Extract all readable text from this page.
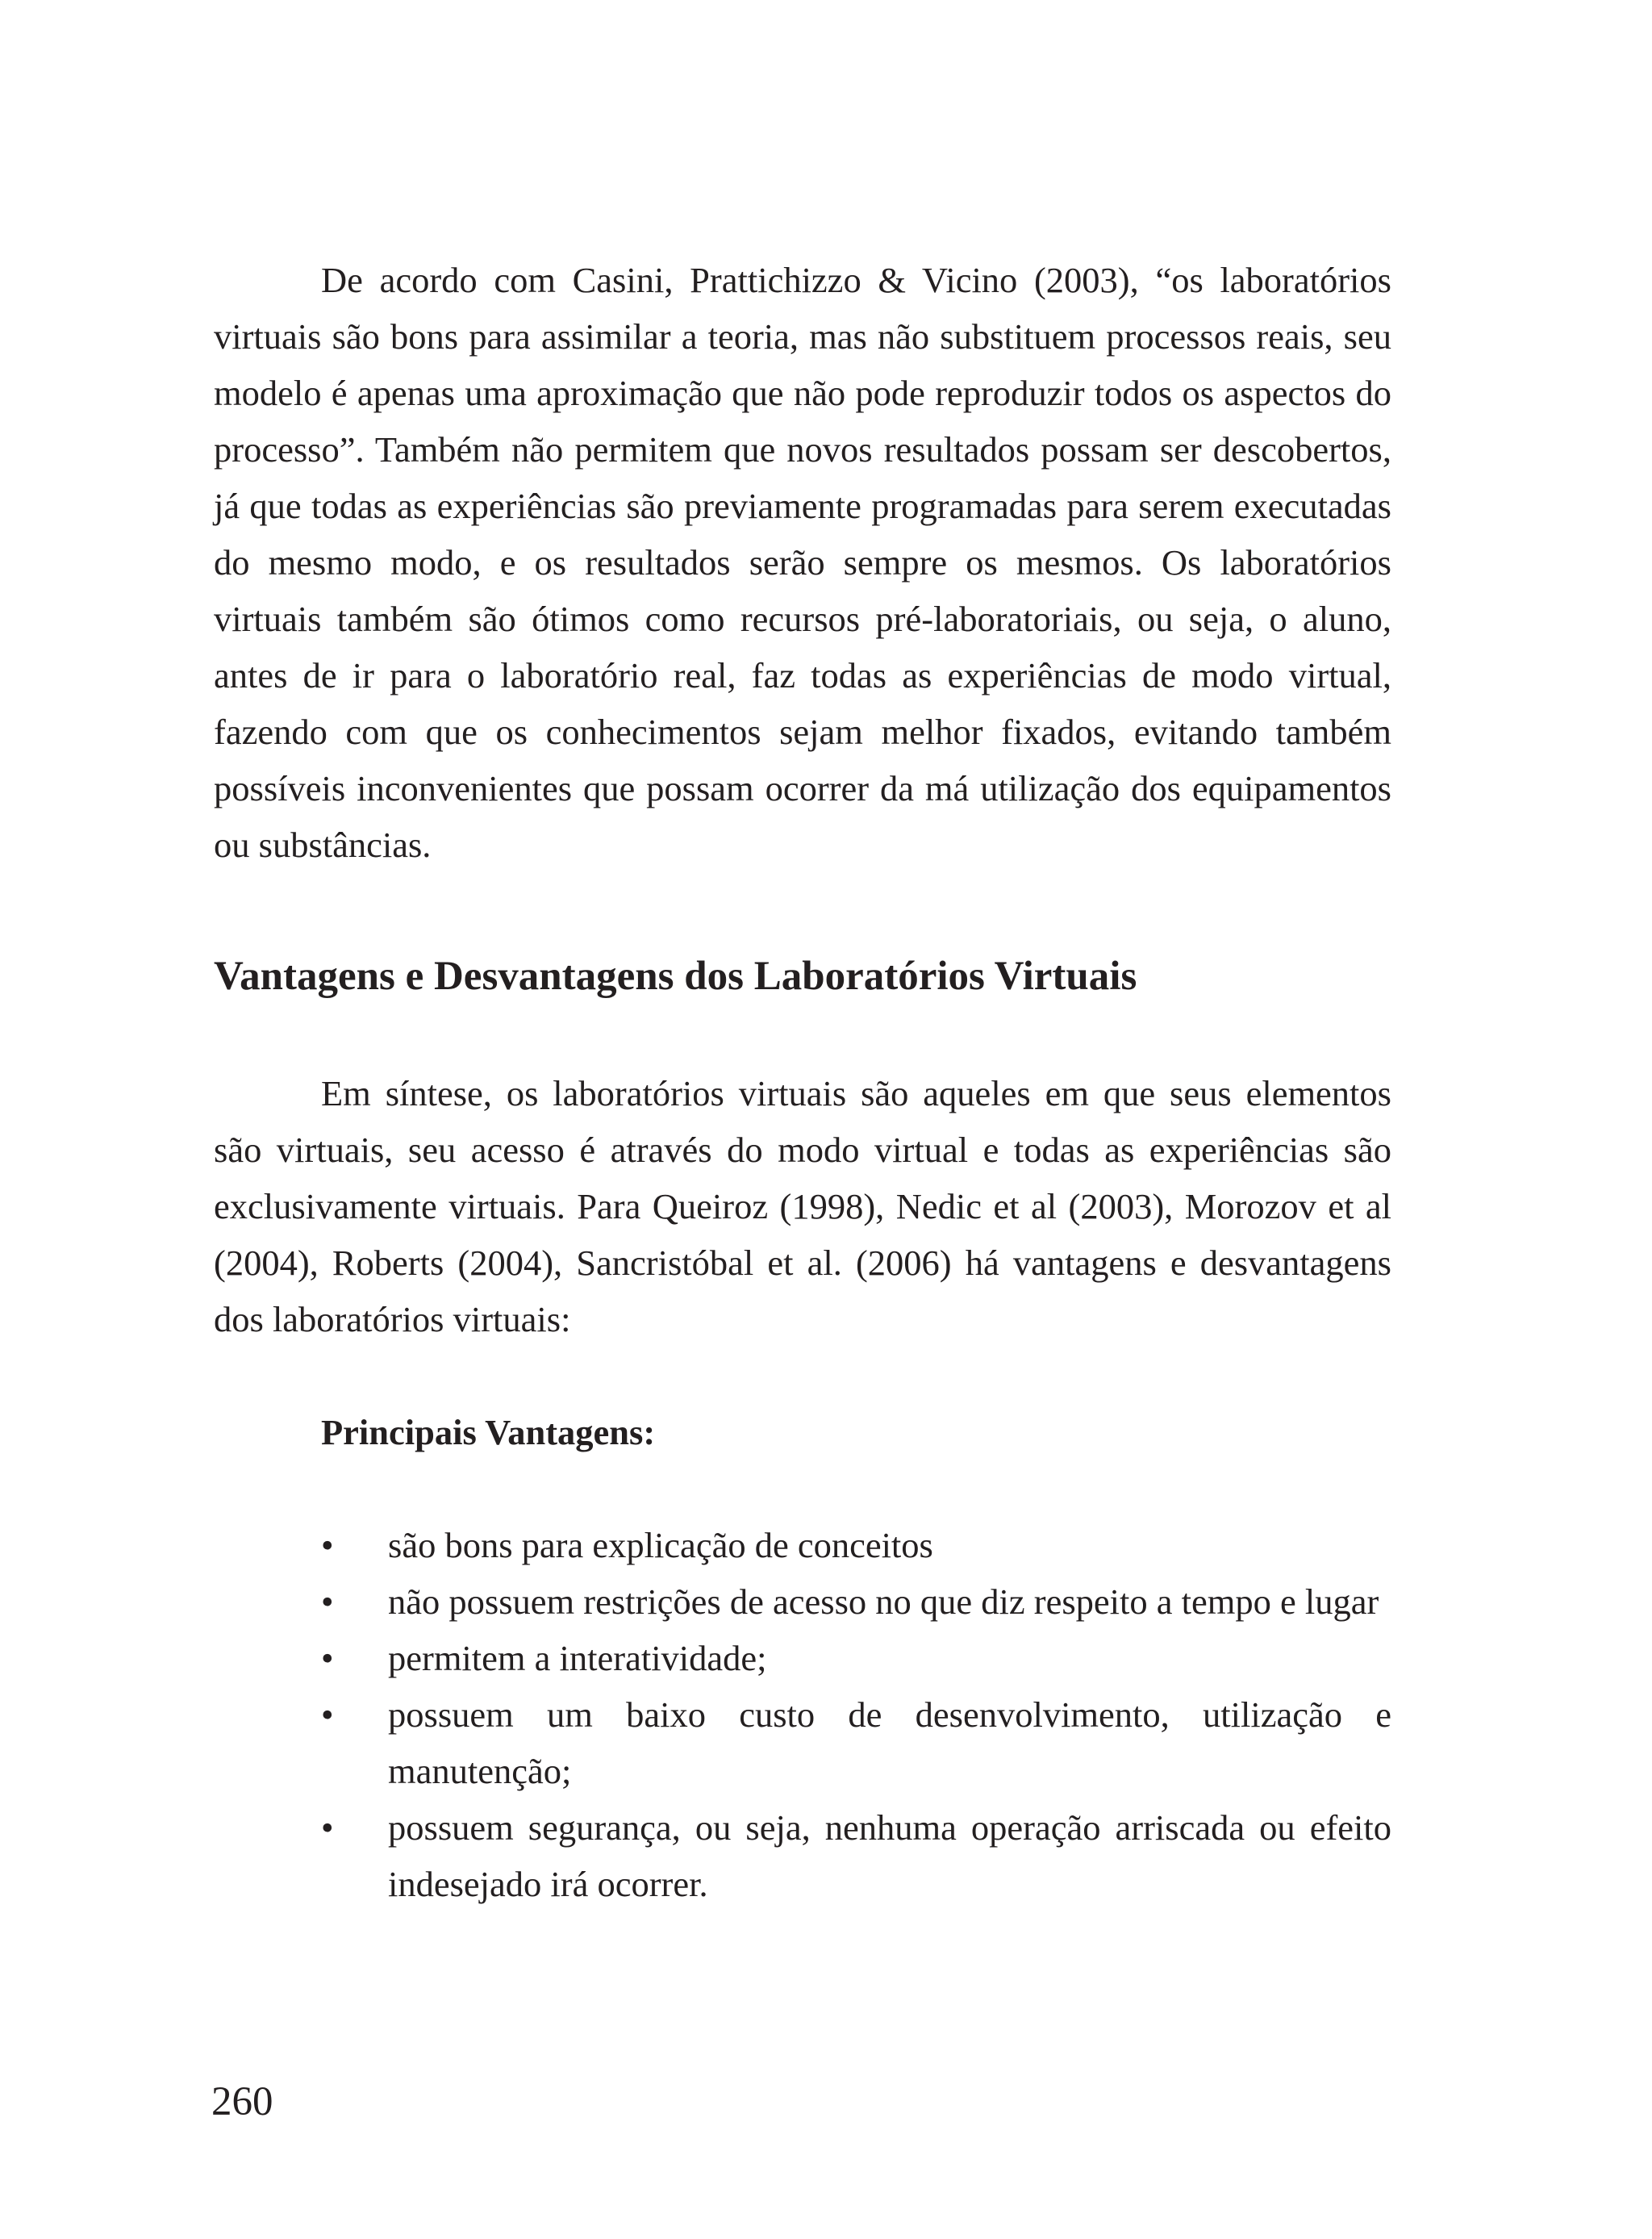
De acordo com Casini, Prattichizzo & Vicino (2003), “os laboratórios virtuais são bons para assimilar a teoria, mas não substituem processos reais, seu modelo é apenas uma aproximação que não pode reproduzir todos os aspectos do processo”. Também não permitem que novos resultados possam ser descobertos, já que todas as experiências são previamente programadas para serem executadas do mesmo modo, e os resultados serão sempre os mesmos. Os laboratórios virtuais também são ótimos como recursos pré-laboratoriais, ou seja, o aluno, antes de ir para o laboratório real, faz todas as experiências de modo virtual, fazendo com que os conhecimentos sejam melhor fixados, evitando também possíveis inconvenientes que possam ocorrer da má utilização dos equipamentos ou substâncias.

Vantagens e Desvantagens dos Laboratórios Virtuais

Em síntese, os laboratórios virtuais são aqueles em que seus elementos são virtuais, seu acesso é através do modo virtual e todas as experiências são exclusivamente virtuais. Para Queiroz (1998), Nedic et al (2003), Morozov et al (2004), Roberts (2004), Sancristóbal et al. (2006) há vantagens e desvantagens dos laboratórios virtuais:

Principais Vantagens:
•	são bons para explicação de conceitos
•	não possuem restrições de acesso no que diz respeito a tempo e lugar
•	permitem a interatividade;
•	possuem um baixo custo de desenvolvimento, utilização e manutenção;
•	possuem segurança, ou seja, nenhuma operação arriscada ou efeito indesejado irá ocorrer.

260
